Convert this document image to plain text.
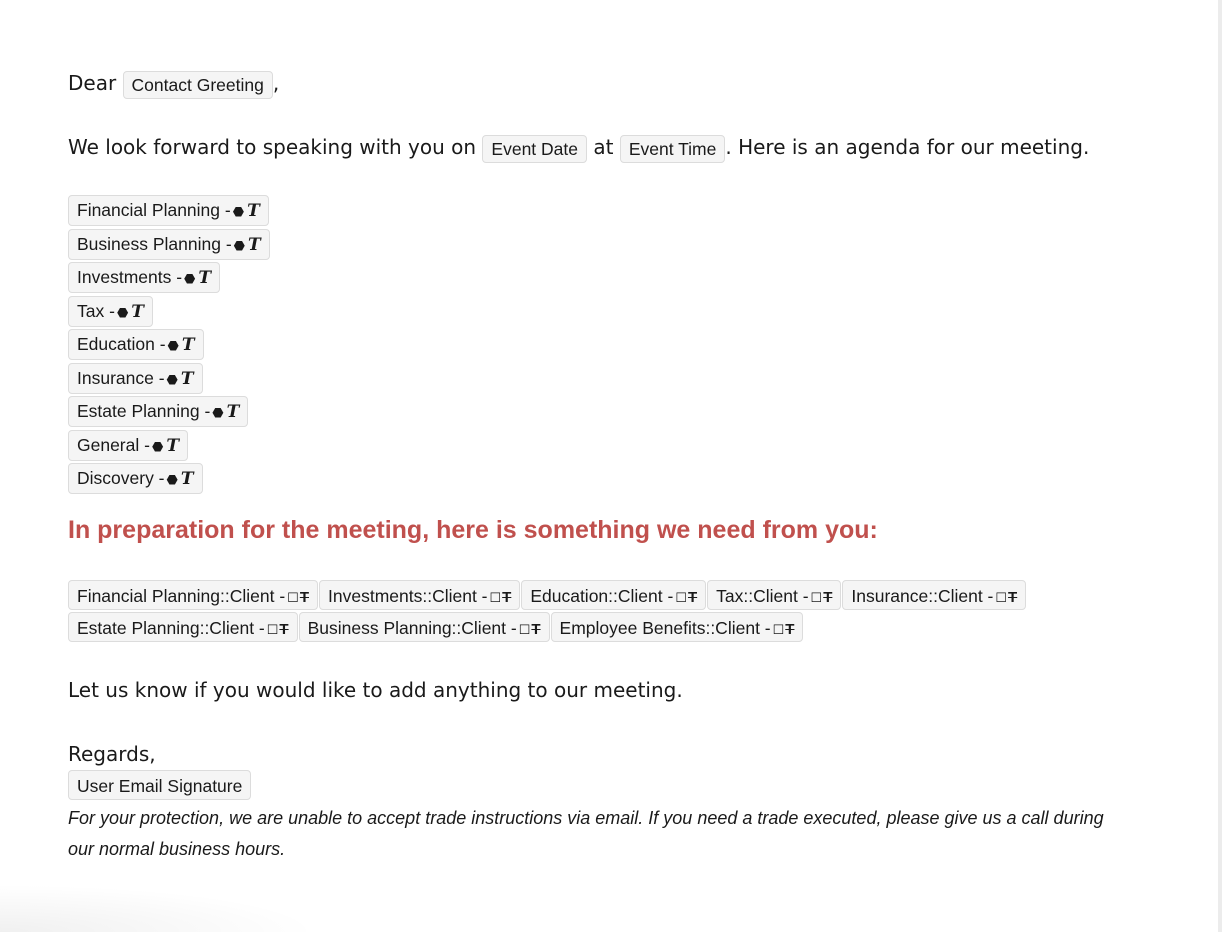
Dear Contact Greeting ,
We look forward to speaking with you on Event Date at Event Time . Here is an agenda for our meeting.
Financial Planning - ⬣ T
Business Planning - ⬣ T
Investments - ⬣ T
Tax - ⬣ T
Education - ⬣ T
Insurance - ⬣ T
Estate Planning - ⬣ T
General - ⬣ T
Discovery - ⬣ T
In preparation for the meeting, here is something we need from you:
Financial Planning::Client - ☐T Investments::Client - ☐T Education::Client - ☐T Tax::Client - ☐T Insurance::Client - ☐T Estate Planning::Client - ☐T Business Planning::Client - ☐T Employee Benefits::Client - ☐T
Let us know if you would like to add anything to our meeting.
Regards,
User Email Signature
For your protection, we are unable to accept trade instructions via email. If you need a trade executed, please give us a call during our normal business hours.
